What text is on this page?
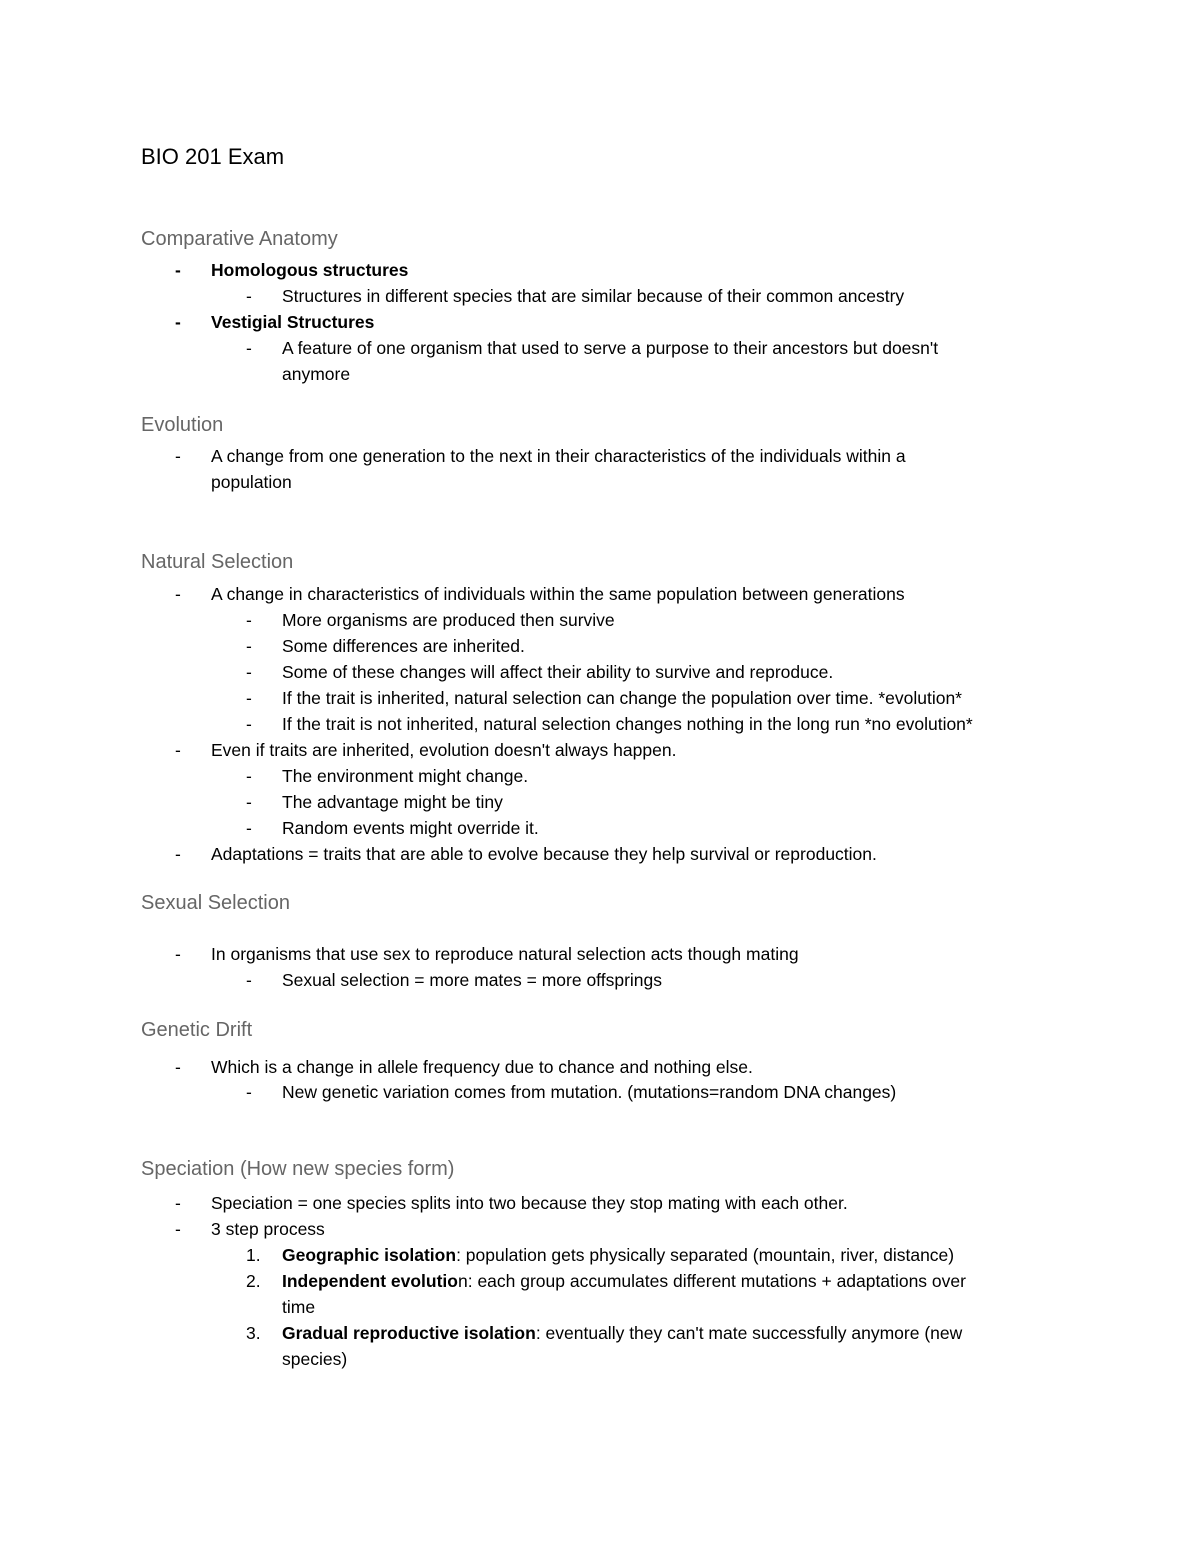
BIO 201 Exam
Comparative Anatomy
- Homologous structures
- Structures in different species that are similar because of their common ancestry
- Vestigial Structures
- A feature of one organism that used to serve a purpose to their ancestors but doesn't
anymore
Evolution
- A change from one generation to the next in their characteristics of the individuals within a
population
Natural Selection
- A change in characteristics of individuals within the same population between generations
- More organisms are produced then survive
- Some differences are inherited.
- Some of these changes will affect their ability to survive and reproduce.
- If the trait is inherited, natural selection can change the population over time. *evolution*
- If the trait is not inherited, natural selection changes nothing in the long run *no evolution*
- Even if traits are inherited, evolution doesn't always happen.
- The environment might change.
- The advantage might be tiny
- Random events might override it.
- Adaptations = traits that are able to evolve because they help survival or reproduction.
Sexual Selection
- In organisms that use sex to reproduce natural selection acts though mating
- Sexual selection = more mates = more offsprings
Genetic Drift
- Which is a change in allele frequency due to chance and nothing else.
- New genetic variation comes from mutation. (mutations=random DNA changes)
Speciation (How new species form)
- Speciation = one species splits into two because they stop mating with each other.
- 3 step process
1. Geographic isolation: population gets physically separated (mountain, river, distance)
2. Independent evolution: each group accumulates different mutations + adaptations over
time
3. Gradual reproductive isolation: eventually they can't mate successfully anymore (new
species)
